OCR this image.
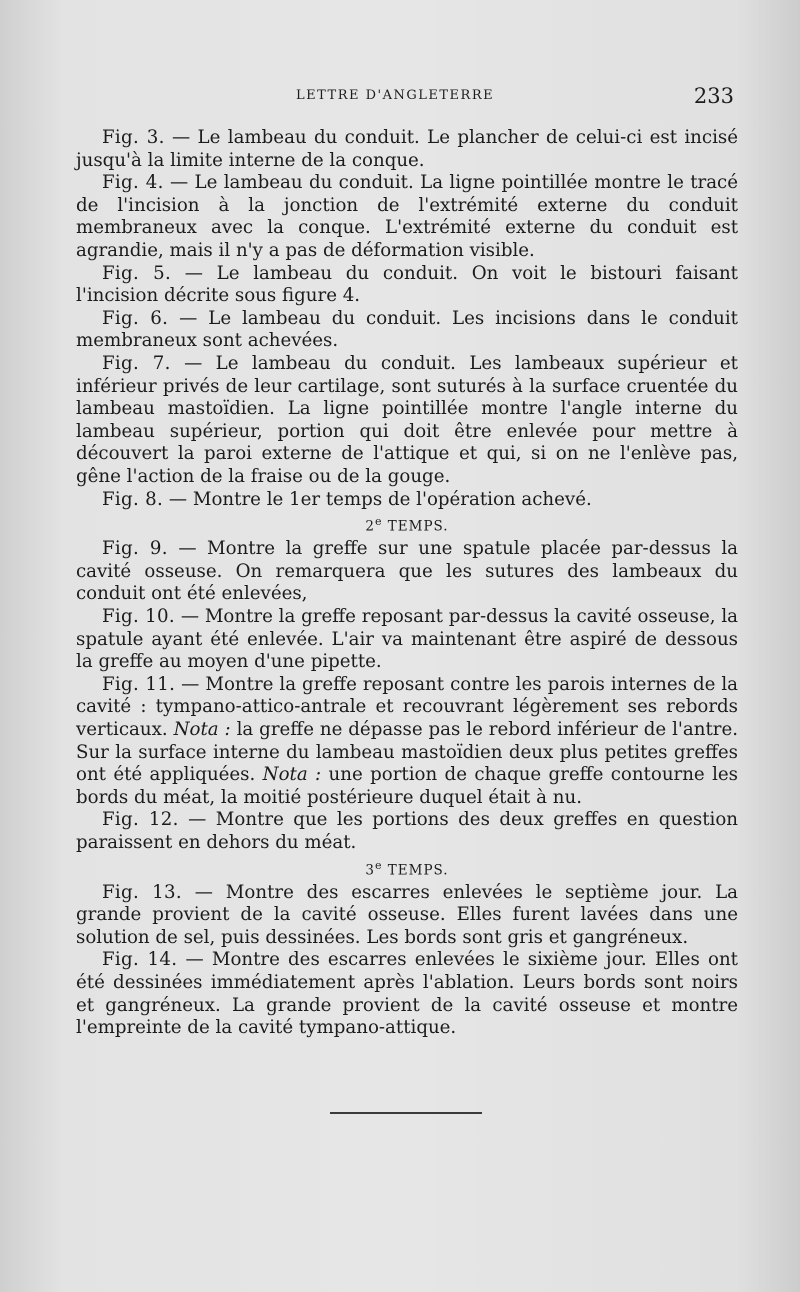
LETTRE D'ANGLETERRE	233

Fig. 3. — Le lambeau du conduit. Le plancher de celui-ci est incisé jusqu'à la limite interne de la conque.

Fig. 4. — Le lambeau du conduit. La ligne pointillée montre le tracé de l'incision à la jonction de l'extrémité externe du conduit membraneux avec la conque. L'extrémité externe du conduit est agrandie, mais il n'y a pas de déformation visible.

Fig. 5. — Le lambeau du conduit. On voit le bistouri faisant l'incision décrite sous figure 4.

Fig. 6. — Le lambeau du conduit. Les incisions dans le conduit membraneux sont achevées.

Fig. 7. — Le lambeau du conduit. Les lambeaux supérieur et inférieur privés de leur cartilage, sont suturés à la surface cruentée du lambeau mastoïdien. La ligne pointillée montre l'angle interne du lambeau supérieur, portion qui doit être enlevée pour mettre à découvert la paroi externe de l'attique et qui, si on ne l'enlève pas, gêne l'action de la fraise ou de la gouge.

Fig. 8. — Montre le 1er temps de l'opération achevé.

2e TEMPS.

Fig. 9. — Montre la greffe sur une spatule placée par-dessus la cavité osseuse. On remarquera que les sutures des lambeaux du conduit ont été enlevées,

Fig. 10. — Montre la greffe reposant par-dessus la cavité osseuse, la spatule ayant été enlevée. L'air va maintenant être aspiré de dessous la greffe au moyen d'une pipette.

Fig. 11. — Montre la greffe reposant contre les parois internes de la cavité : tympano-attico-antrale et recouvrant légèrement ses rebords verticaux. Nota : la greffe ne dépasse pas le rebord inférieur de l'antre. Sur la surface interne du lambeau mastoïdien deux plus petites greffes ont été appliquées. Nota : une portion de chaque greffe contourne les bords du méat, la moitié postérieure duquel était à nu.

Fig. 12. — Montre que les portions des deux greffes en question paraissent en dehors du méat.

3e TEMPS.

Fig. 13. — Montre des escarres enlevées le septième jour. La grande provient de la cavité osseuse. Elles furent lavées dans une solution de sel, puis dessinées. Les bords sont gris et gangréneux.

Fig. 14. — Montre des escarres enlevées le sixième jour. Elles ont été dessinées immédiatement après l'ablation. Leurs bords sont noirs et gangréneux. La grande provient de la cavité osseuse et montre l'empreinte de la cavité tympano-attique.
